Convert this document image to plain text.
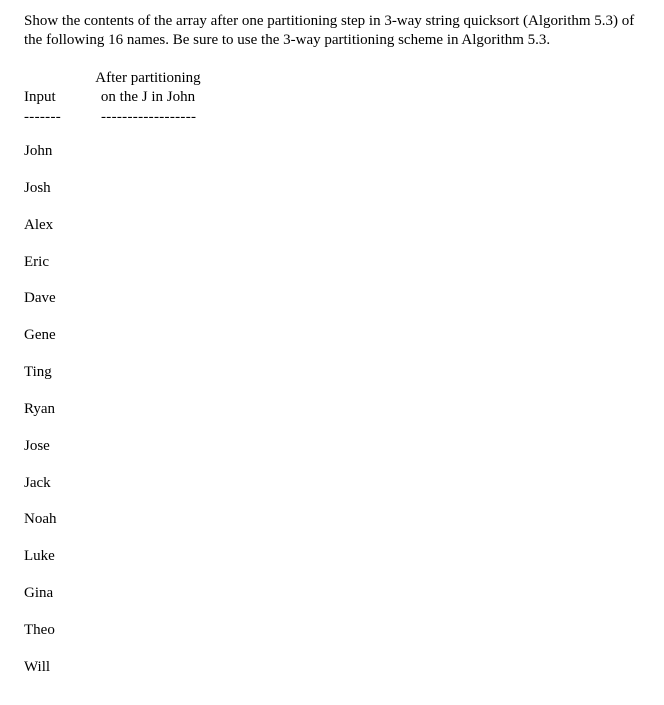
Show the contents of the array after one partitioning step in 3-way string quicksort (Algorithm 5.3) of the following 16 names. Be sure to use the 3-way partitioning scheme in Algorithm 5.3.

Input
After partitioning
on the J in John
-------	------------------
John
Josh
Alex
Eric
Dave
Gene
Ting
Ryan
Jose
Jack
Noah
Luke
Gina
Theo
Will
